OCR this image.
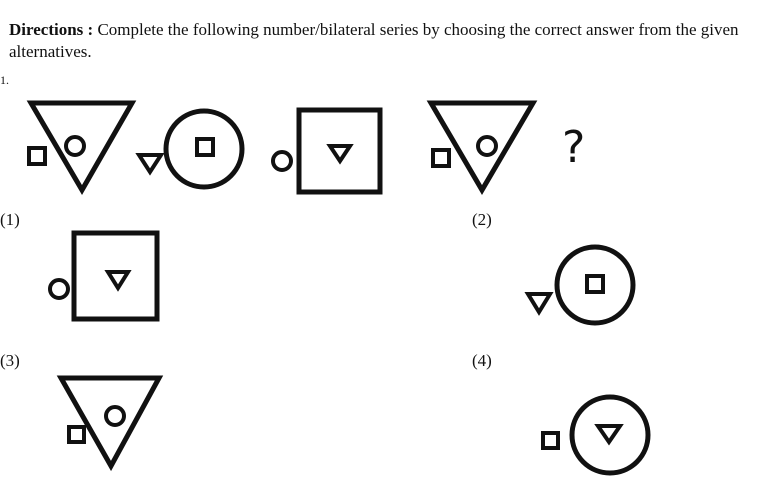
Directions : Complete the following number/bilateral series by choosing the correct answer from the given alternatives.
1.
(1)	(2)
(3)	(4)
?
